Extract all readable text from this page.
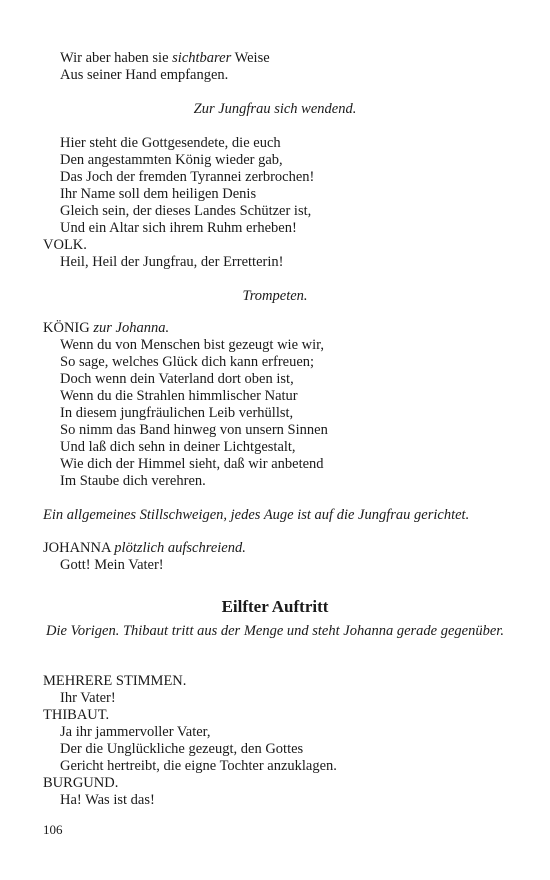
Wir aber haben sie sichtbarer Weise
Aus seiner Hand empfangen.
Zur Jungfrau sich wendend.
Hier steht die Gottgesendete, die euch
Den angestammten König wieder gab,
Das Joch der fremden Tyrannei zerbrochen!
Ihr Name soll dem heiligen Denis
Gleich sein, der dieses Landes Schützer ist,
Und ein Altar sich ihrem Ruhm erheben!
VOLK.
Heil, Heil der Jungfrau, der Erretterin!
Trompeten.
KÖNIG zur Johanna.
Wenn du von Menschen bist gezeugt wie wir,
So sage, welches Glück dich kann erfreuen;
Doch wenn dein Vaterland dort oben ist,
Wenn du die Strahlen himmlischer Natur
In diesem jungfräulichen Leib verhüllst,
So nimm das Band hinweg von unsern Sinnen
Und laß dich sehn in deiner Lichtgestalt,
Wie dich der Himmel sieht, daß wir anbetend
Im Staube dich verehren.
Ein allgemeines Stillschweigen, jedes Auge ist auf die Jungfrau gerichtet.
JOHANNA plötzlich aufschreiend.
Gott! Mein Vater!
Eilfter Auftritt
Die Vorigen. Thibaut tritt aus der Menge und steht Johanna gerade gegenüber.
MEHRERE STIMMEN.
Ihr Vater!
THIBAUT.
Ja ihr jammervoller Vater,
Der die Unglückliche gezeugt, den Gottes
Gericht hertreibt, die eigne Tochter anzuklagen.
BURGUND.
Ha! Was ist das!
106
